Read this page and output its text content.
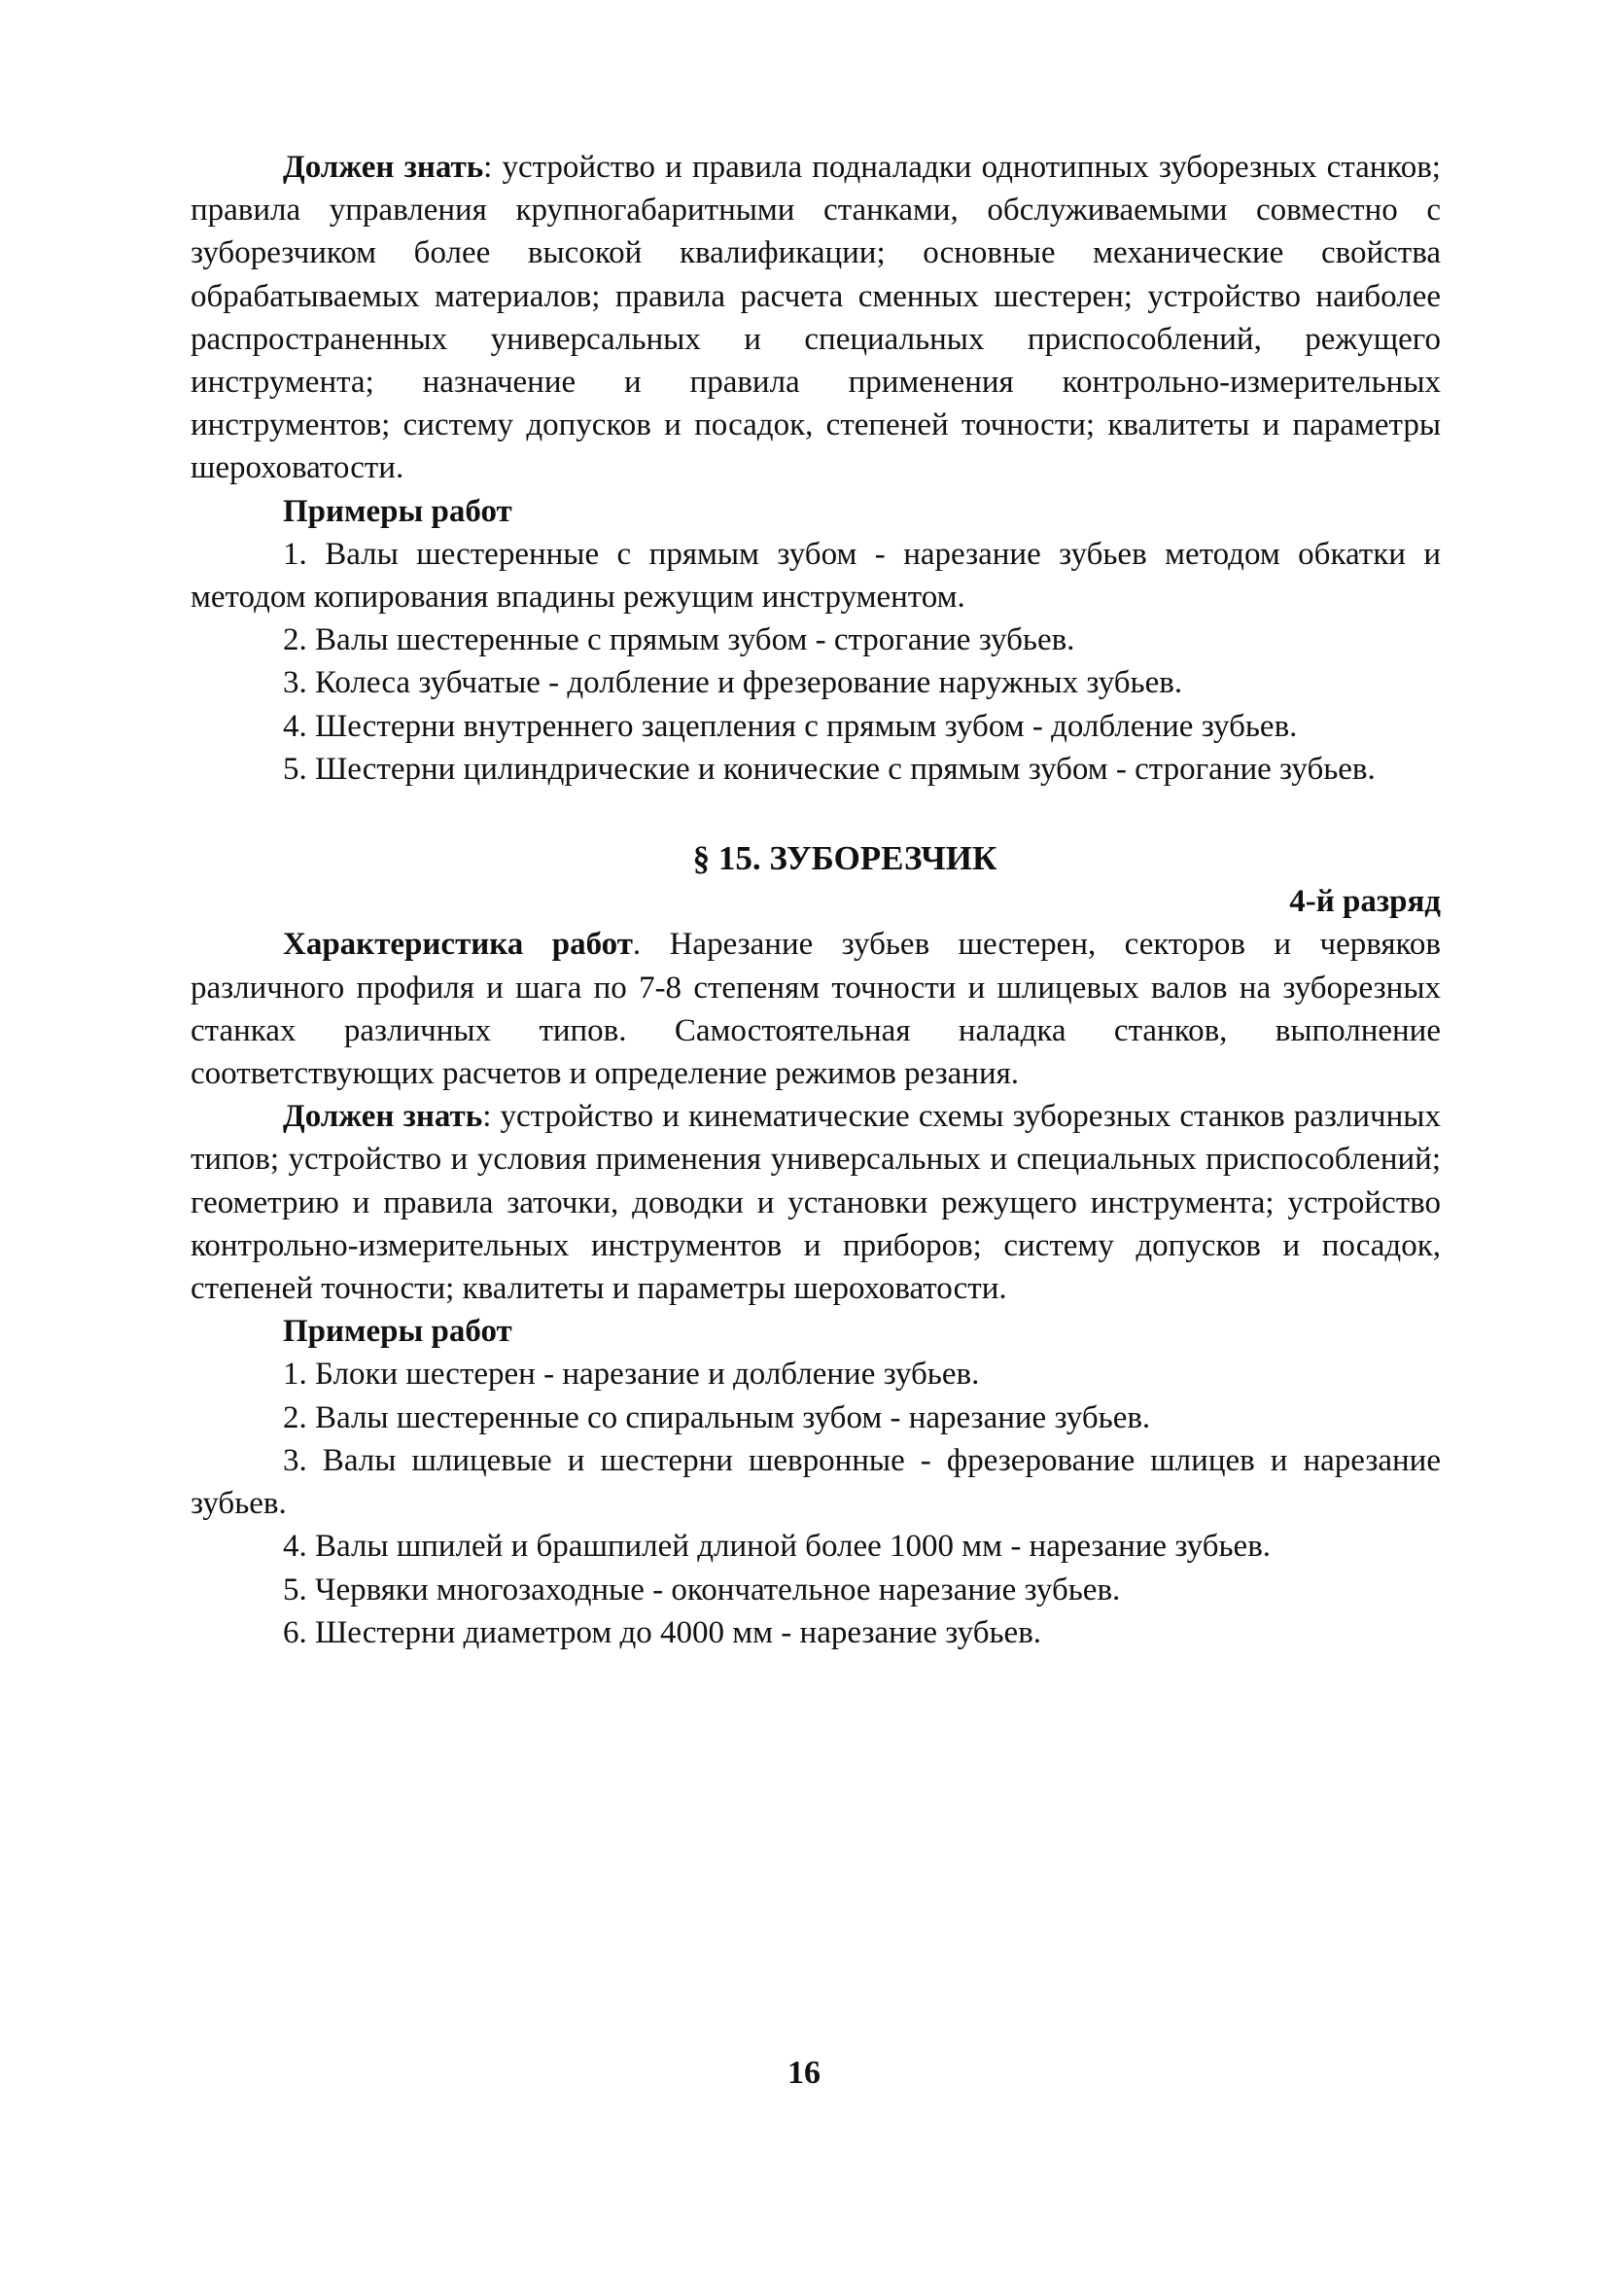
Должен знать: устройство и правила подналадки однотипных зуборезных станков; правила управления крупногабаритными станками, обслуживаемыми совместно с зуборезчиком более высокой квалификации; основные механические свойства обрабатываемых материалов; правила расчета сменных шестерен; устройство наиболее распространенных универсальных и специальных приспособлений, режущего инструмента; назначение и правила применения контрольно-измерительных инструментов; систему допусков и посадок, степеней точности; квалитеты и параметры шероховатости.

Примеры работ

1. Валы шестеренные с прямым зубом - нарезание зубьев методом обкатки и методом копирования впадины режущим инструментом.

2. Валы шестеренные с прямым зубом - строгание зубьев.

3. Колеса зубчатые - долбление и фрезерование наружных зубьев.

4. Шестерни внутреннего зацепления с прямым зубом - долбление зубьев.

5. Шестерни цилиндрические и конические с прямым зубом - строгание зубьев.

§ 15. ЗУБОРЕЗЧИК

4-й разряд

Характеристика работ. Нарезание зубьев шестерен, секторов и червяков различного профиля и шага по 7-8 степеням точности и шлицевых валов на зуборезных станках различных типов. Самостоятельная наладка станков, выполнение соответствующих расчетов и определение режимов резания.

Должен знать: устройство и кинематические схемы зуборезных станков различных типов; устройство и условия применения универсальных и специальных приспособлений; геометрию и правила заточки, доводки и установки режущего инструмента; устройство контрольно-измерительных инструментов и приборов; систему допусков и посадок, степеней точности; квалитеты и параметры шероховатости.

Примеры работ

1. Блоки шестерен - нарезание и долбление зубьев.

2. Валы шестеренные со спиральным зубом - нарезание зубьев.

3. Валы шлицевые и шестерни шевронные - фрезерование шлицев и нарезание зубьев.

4. Валы шпилей и брашпилей длиной более 1000 мм - нарезание зубьев.

5. Червяки многозаходные - окончательное нарезание зубьев.

6. Шестерни диаметром до 4000 мм - нарезание зубьев.

16
